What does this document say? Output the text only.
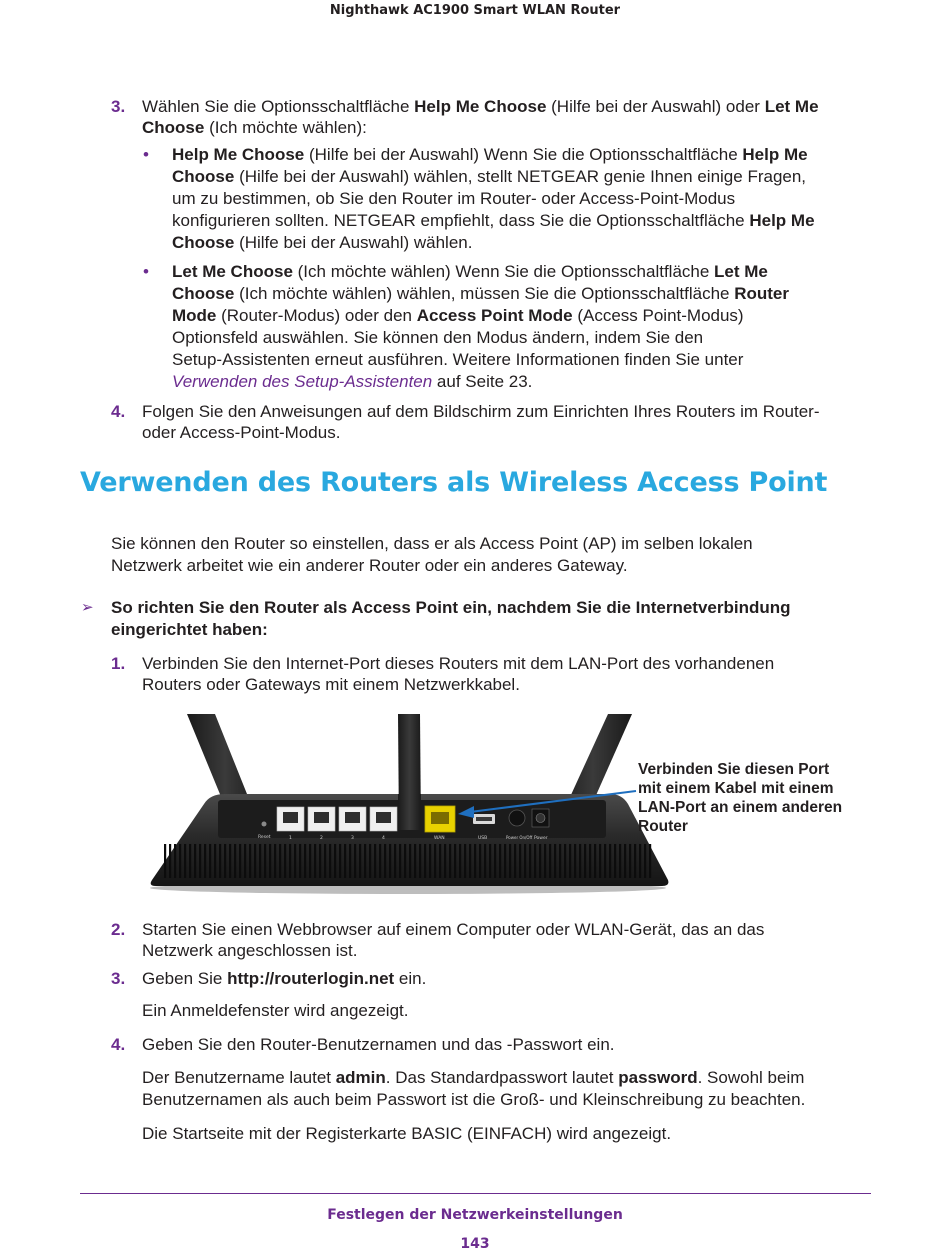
Nighthawk AC1900 Smart WLAN Router
3. Wählen Sie die Optionsschaltfläche Help Me Choose (Hilfe bei der Auswahl) oder Let Me
Choose (Ich möchte wählen):
• Help Me Choose (Hilfe bei der Auswahl) Wenn Sie die Optionsschaltfläche Help Me
Choose (Hilfe bei der Auswahl) wählen, stellt NETGEAR genie Ihnen einige Fragen,
um zu bestimmen, ob Sie den Router im Router- oder Access-Point-Modus
konfigurieren sollten. NETGEAR empfiehlt, dass Sie die Optionsschaltfläche Help Me
Choose (Hilfe bei der Auswahl) wählen.
• Let Me Choose (Ich möchte wählen) Wenn Sie die Optionsschaltfläche Let Me
Choose (Ich möchte wählen) wählen, müssen Sie die Optionsschaltfläche Router
Mode (Router-Modus) oder den Access Point Mode (Access Point-Modus)
Optionsfeld auswählen. Sie können den Modus ändern, indem Sie den
Setup-Assistenten erneut ausführen. Weitere Informationen finden Sie unter
Verwenden des Setup-Assistenten auf Seite 23.
4. Folgen Sie den Anweisungen auf dem Bildschirm zum Einrichten Ihres Routers im Router-
oder Access-Point-Modus.
Verwenden des Routers als Wireless Access Point
Sie können den Router so einstellen, dass er als Access Point (AP) im selben lokalen
Netzwerk arbeitet wie ein anderer Router oder ein anderes Gateway.
➢ So richten Sie den Router als Access Point ein, nachdem Sie die Internetverbindung
eingerichtet haben:
1. Verbinden Sie den Internet-Port dieses Routers mit dem LAN-Port des vorhandenen
Routers oder Gateways mit einem Netzwerkkabel.
Reset	1	2	3	4	WAN	USB	Power On/Off Power
Verbinden Sie diesen Port
mit einem Kabel mit einem
LAN-Port an einem anderen
Router
2. Starten Sie einen Webbrowser auf einem Computer oder WLAN-Gerät, das an das
Netzwerk angeschlossen ist.
3. Geben Sie http://routerlogin.net ein.
Ein Anmeldefenster wird angezeigt.
4. Geben Sie den Router-Benutzernamen und das -Passwort ein.
Der Benutzername lautet admin. Das Standardpasswort lautet password. Sowohl beim
Benutzernamen als auch beim Passwort ist die Groß- und Kleinschreibung zu beachten.
Die Startseite mit der Registerkarte BASIC (EINFACH) wird angezeigt.
Festlegen der Netzwerkeinstellungen
143
